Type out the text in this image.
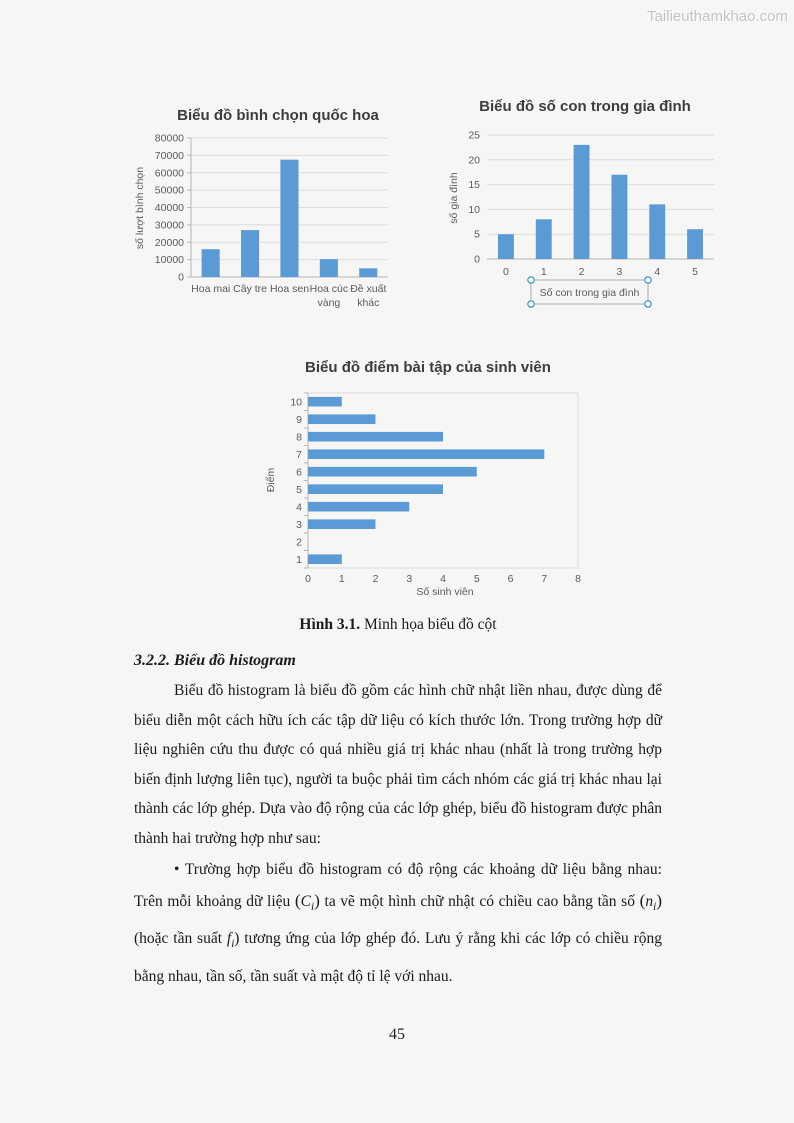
Tailieuthamkhao.com
0
10000
20000
30000
40000
50000
60000
70000
80000
Hoa mai Cây tre Hoa sen Hoa cúc
vàng
Đề xuất
khác
Biểu đồ bình chọn quốc hoa
số lượt bình chọn
0
5
10
15
20
25
0	1	2	3	4	5
Biểu đồ số con trong gia đình
số gia đình
Số con trong gia đình
0	1	2	3	4	5	6	7	8
1
2
3
4
5
6
7
8
9
10
Biểu đồ điểm bài tập của sinh viên
Số sinh viên
Điểm

Hình 3.1. Minh họa biểu đồ cột

3.2.2. Biểu đồ histogram

Biểu đồ histogram là biểu đồ gồm các hình chữ nhật liền nhau, được dùng để biểu diễn một cách hữu ích các tập dữ liệu có kích thước lớn. Trong trường hợp dữ liệu nghiên cứu thu được có quá nhiều giá trị khác nhau (nhất là trong trường hợp biến định lượng liên tục), người ta buộc phải tìm cách nhóm các giá trị khác nhau lại thành các lớp ghép. Dựa vào độ rộng của các lớp ghép, biểu đồ histogram được phân thành hai trường hợp như sau:

• Trường hợp biểu đồ histogram có độ rộng các khoảng dữ liệu bằng nhau: Trên mỗi khoảng dữ liệu $(C_i)$ ta vẽ một hình chữ nhật có chiều cao bằng tần số $(n_i)$ (hoặc tần suất $f_i$) tương ứng của lớp ghép đó. Lưu ý rằng khi các lớp có chiều rộng bằng nhau, tần số, tần suất và mật độ tỉ lệ với nhau.

45
